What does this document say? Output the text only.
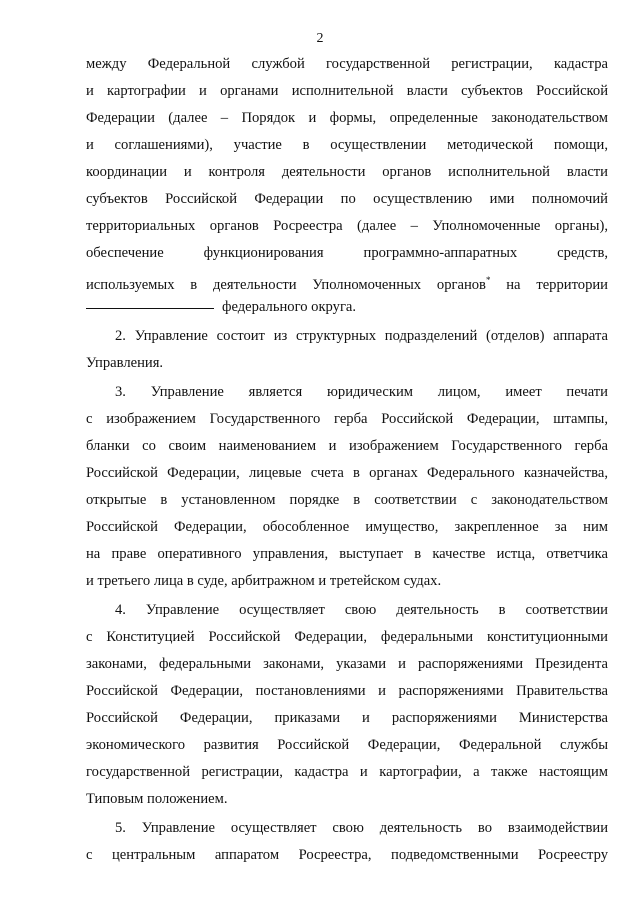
2
между Федеральной службой государственной регистрации, кадастра
и картографии и органами исполнительной власти субъектов Российской
Федерации (далее – Порядок и формы, определенные законодательством
и соглашениями), участие в осуществлении методической помощи,
координации и контроля деятельности органов исполнительной власти
субъектов Российской Федерации по осуществлению ими полномочий
территориальных органов Росреестра (далее – Уполномоченные органы),
обеспечение функционирования программно-аппаратных средств,
используемых в деятельности Уполномоченных органов* на территории
федерального округа.
2. Управление состоит из структурных подразделений (отделов) аппарата
Управления.
3. Управление является юридическим лицом, имеет печати
с изображением Государственного герба Российской Федерации, штампы,
бланки со своим наименованием и изображением Государственного герба
Российской Федерации, лицевые счета в органах Федерального казначейства,
открытые в установленном порядке в соответствии с законодательством
Российской Федерации, обособленное имущество, закрепленное за ним
на праве оперативного управления, выступает в качестве истца, ответчика
и третьего лица в суде, арбитражном и третейском судах.
4. Управление осуществляет свою деятельность в соответствии
с Конституцией Российской Федерации, федеральными конституционными
законами, федеральными законами, указами и распоряжениями Президента
Российской Федерации, постановлениями и распоряжениями Правительства
Российской Федерации, приказами и распоряжениями Министерства
экономического развития Российской Федерации, Федеральной службы
государственной регистрации, кадастра и картографии, а также настоящим
Типовым положением.
5. Управление осуществляет свою деятельность во взаимодействии
с центральным аппаратом Росреестра, подведомственными Росреестру
